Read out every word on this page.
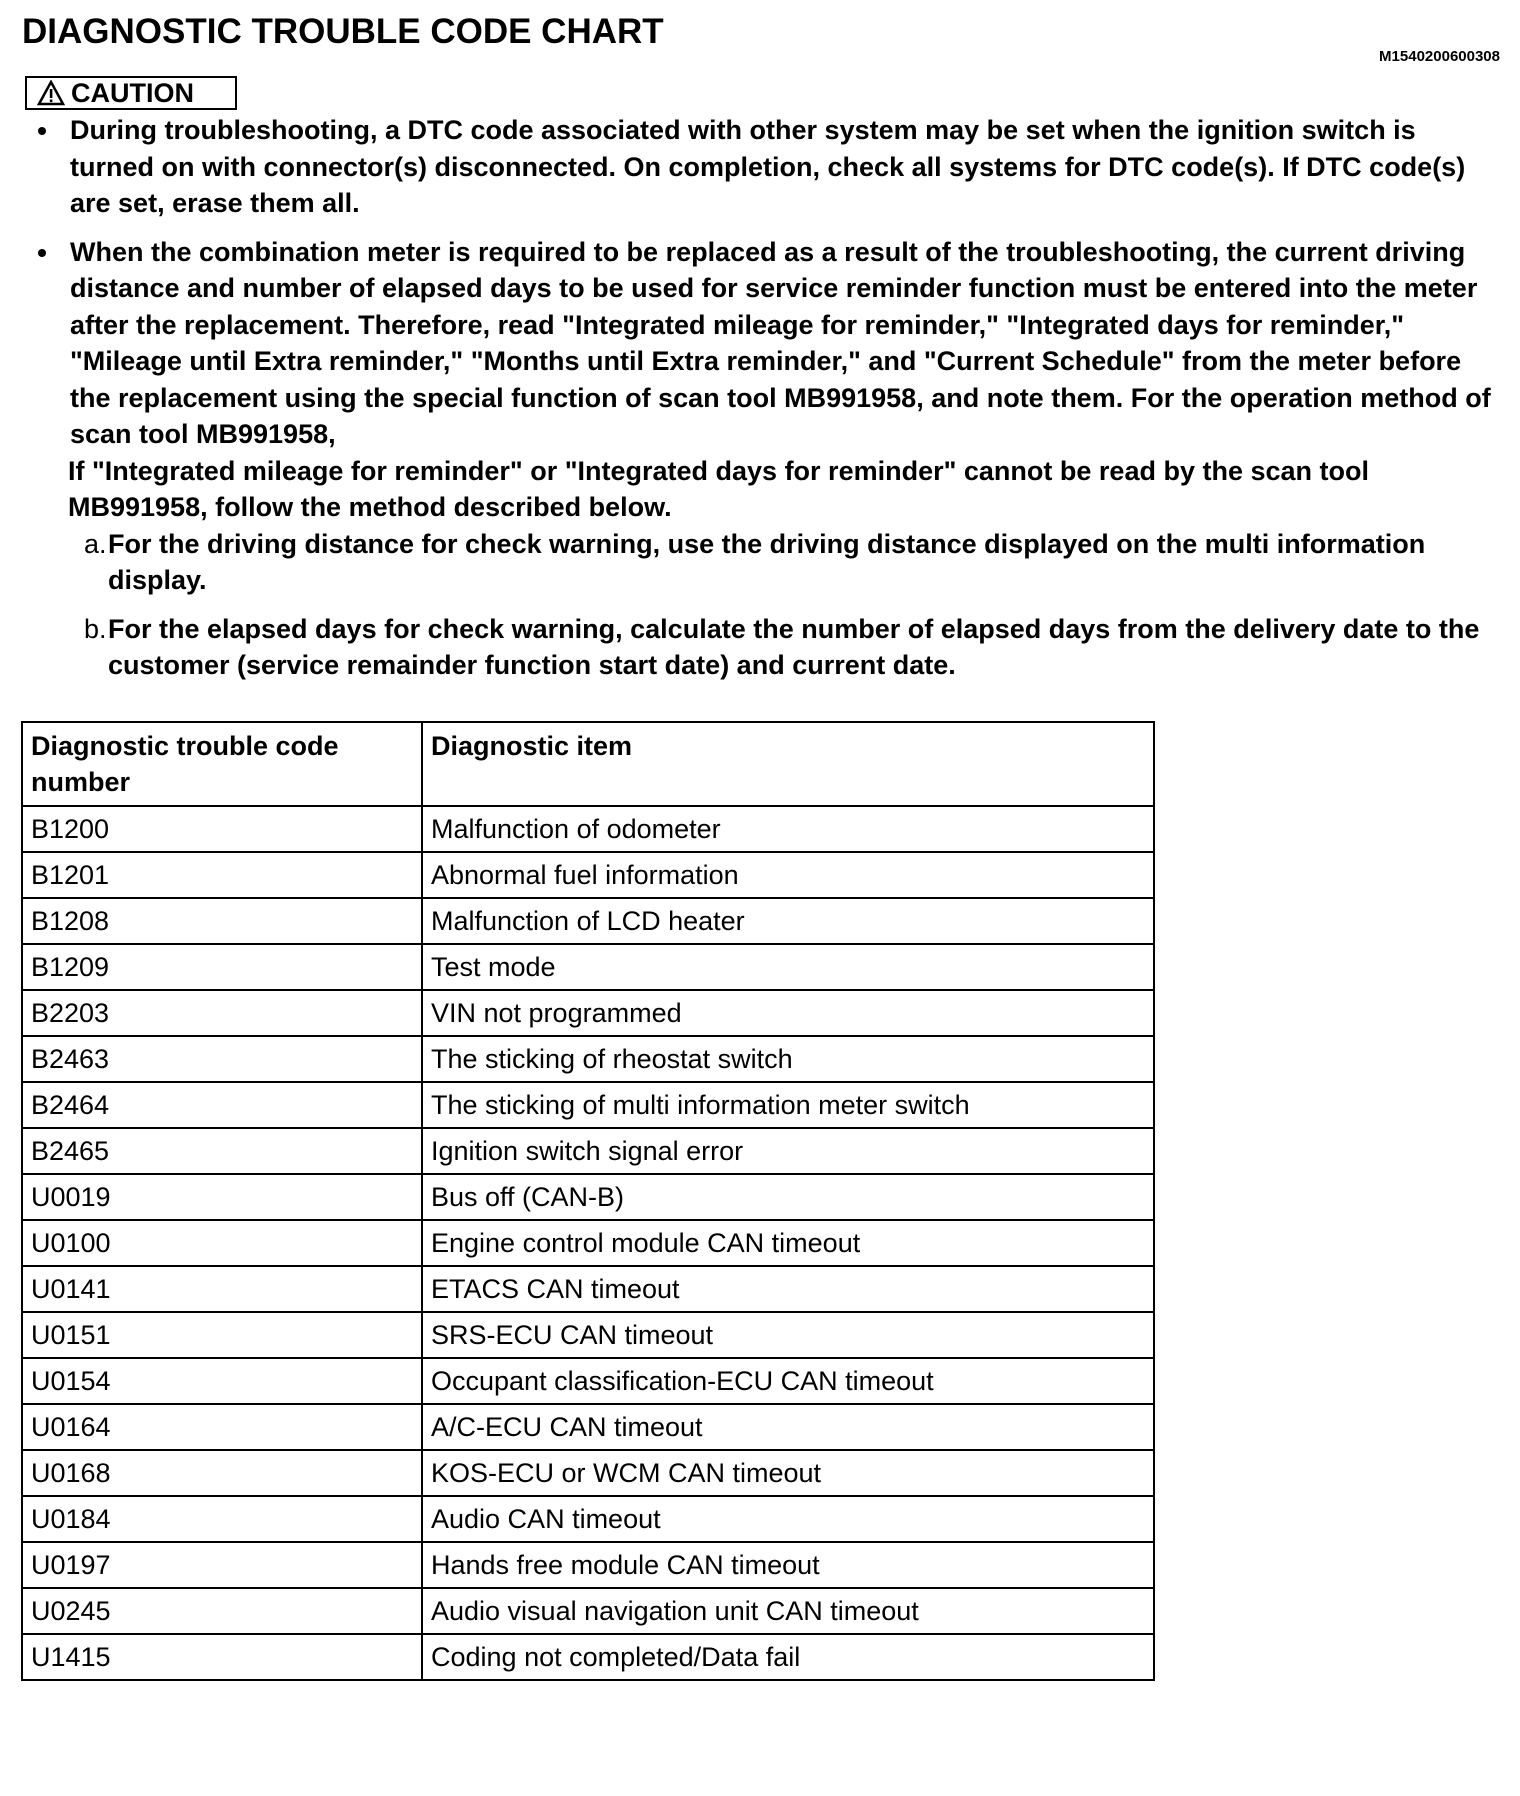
DIAGNOSTIC TROUBLE CODE CHART
M1540200600308
CAUTION
During troubleshooting, a DTC code associated with other system may be set when the ignition switch is turned on with connector(s) disconnected. On completion, check all systems for DTC code(s). If DTC code(s) are set, erase them all.
When the combination meter is required to be replaced as a result of the troubleshooting, the current driving distance and number of elapsed days to be used for service reminder function must be entered into the meter after the replacement. Therefore, read "Integrated mileage for reminder," "Integrated days for reminder," "Mileage until Extra reminder," "Months until Extra reminder," and "Current Schedule" from the meter before the replacement using the special function of scan tool MB991958, and note them. For the operation method of scan tool MB991958,
If "Integrated mileage for reminder" or "Integrated days for reminder" cannot be read by the scan tool MB991958, follow the method described below.
a. For the driving distance for check warning, use the driving distance displayed on the multi information display.
b. For the elapsed days for check warning, calculate the number of elapsed days from the delivery date to the customer (service remainder function start date) and current date.
Diagnostic trouble code number	Diagnostic item
B1200	Malfunction of odometer
B1201	Abnormal fuel information
B1208	Malfunction of LCD heater
B1209	Test mode
B2203	VIN not programmed
B2463	The sticking of rheostat switch
B2464	The sticking of multi information meter switch
B2465	Ignition switch signal error
U0019	Bus off (CAN-B)
U0100	Engine control module CAN timeout
U0141	ETACS CAN timeout
U0151	SRS-ECU CAN timeout
U0154	Occupant classification-ECU CAN timeout
U0164	A/C-ECU CAN timeout
U0168	KOS-ECU or WCM CAN timeout
U0184	Audio CAN timeout
U0197	Hands free module CAN timeout
U0245	Audio visual navigation unit CAN timeout
U1415	Coding not completed/Data fail
